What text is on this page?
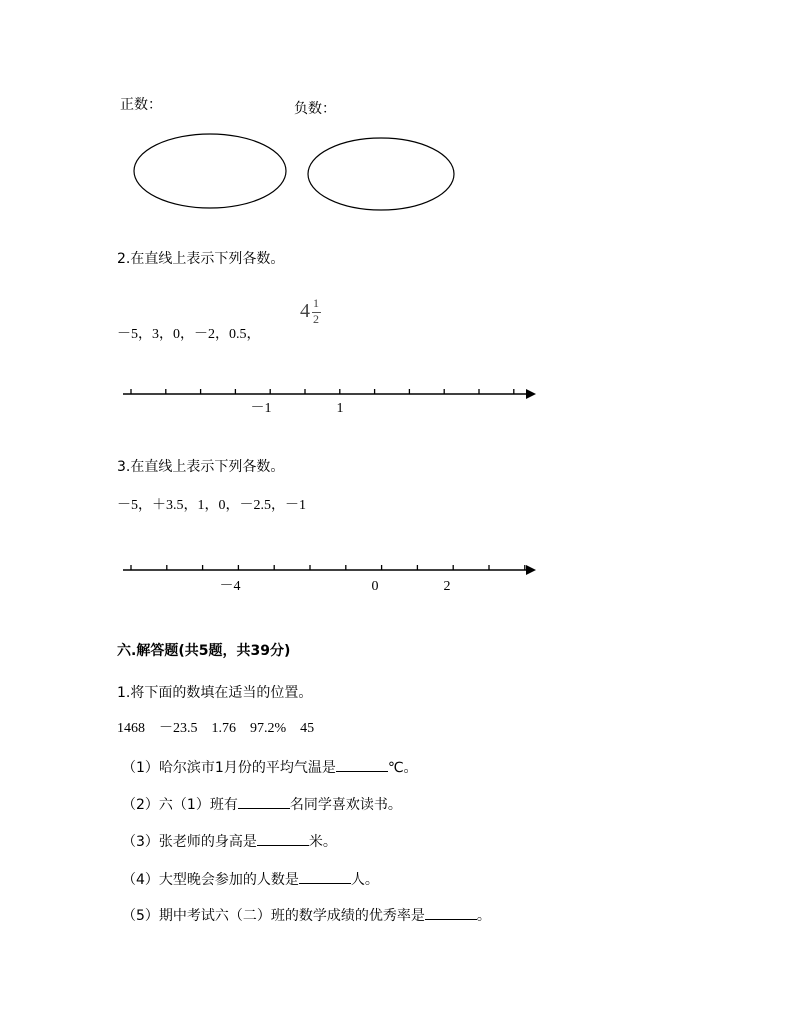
正数：	负数：
2.在直线上表示下列各数。
－5，3，0，－2，0.5，
4 1
2
－1	1
3.在直线上表示下列各数。
－5，＋3.5，1，0，－2.5，－1
－4	0	2
六.解答题(共5题，共39分)
1.将下面的数填在适当的位置。
1468　－23.5　1.76　97.2%　45
（1）哈尔滨市1月份的平均气温是	℃。
（2）六（1）班有	名同学喜欢读书。
（3）张老师的身高是	米。
（4）大型晚会参加的人数是	人。
（5）期中考试六（二）班的数学成绩的优秀率是	。
